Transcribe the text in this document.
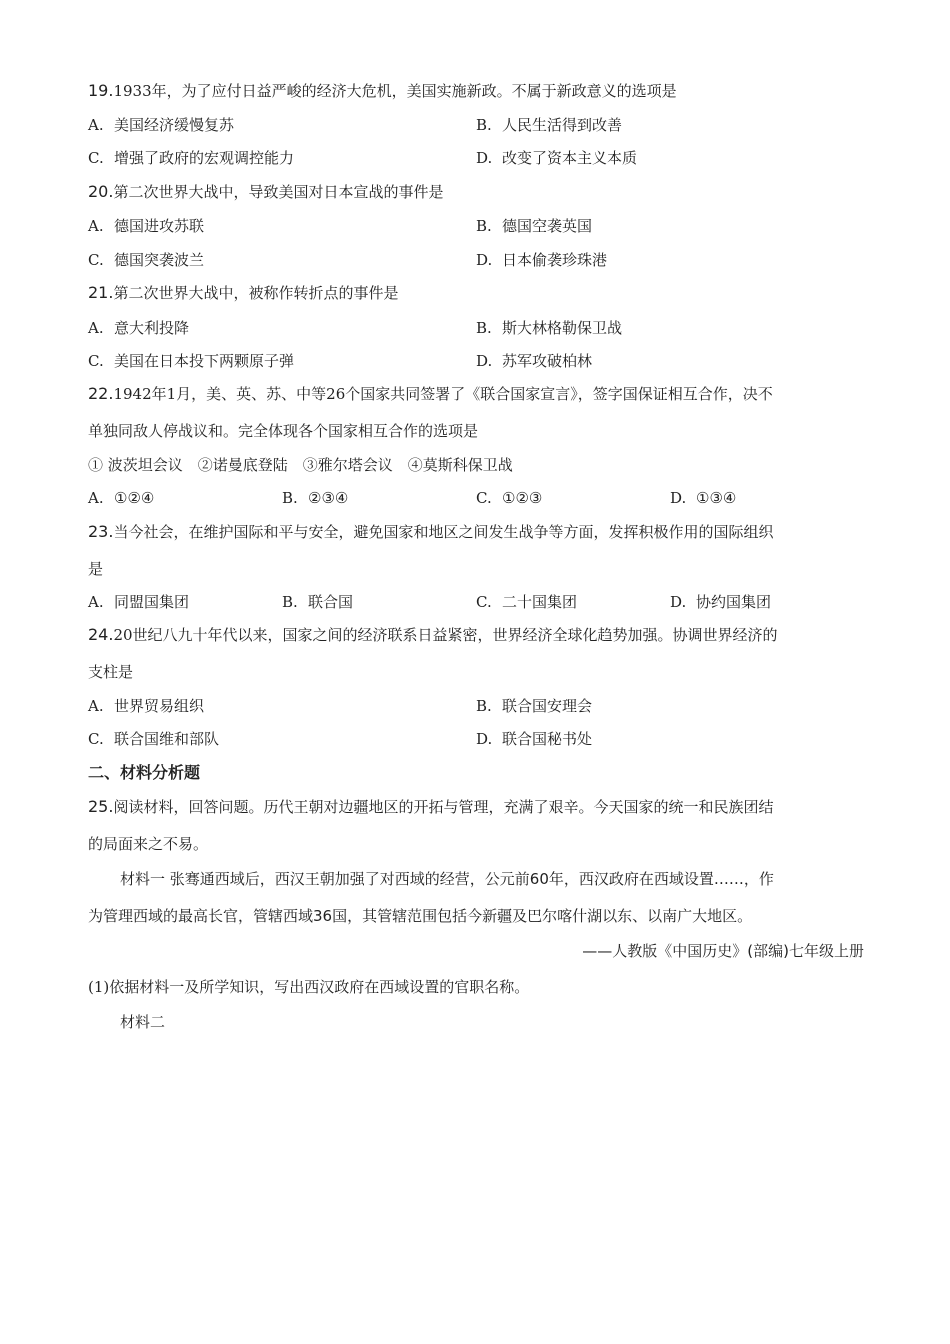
19.1933年，为了应付日益严峻的经济大危机，美国实施新政。不属于新政意义的选项是
A. 美国经济缓慢复苏	B. 人民生活得到改善
C. 增强了政府的宏观调控能力	D. 改变了资本主义本质
20.第二次世界大战中，导致美国对日本宣战的事件是
A. 德国进攻苏联	B. 德国空袭英国
C. 德国突袭波兰	D. 日本偷袭珍珠港
21.第二次世界大战中，被称作转折点的事件是
A. 意大利投降	B. 斯大林格勒保卫战
C. 美国在日本投下两颗原子弹	D. 苏军攻破柏林
22.1942年1月，美、英、苏、中等26个国家共同签署了《联合国家宣言》，签字国保证相互合作，决不
单独同敌人停战议和。完全体现各个国家相互合作的选项是
① 波茨坦会议　②诺曼底登陆　③雅尔塔会议　④莫斯科保卫战
A. ①②④	B. ②③④	C. ①②③	D. ①③④
23.当今社会，在维护国际和平与安全，避免国家和地区之间发生战争等方面，发挥积极作用的国际组织
是
A. 同盟国集团	B. 联合国	C. 二十国集团	D. 协约国集团
24.20世纪八九十年代以来，国家之间的经济联系日益紧密，世界经济全球化趋势加强。协调世界经济的
支柱是
A. 世界贸易组织	B. 联合国安理会
C. 联合国维和部队	D. 联合国秘书处
二、材料分析题
25.阅读材料，回答问题。历代王朝对边疆地区的开拓与管理，充满了艰辛。今天国家的统一和民族团结
的局面来之不易。
材料一 张骞通西域后，西汉王朝加强了对西域的经营，公元前60年，西汉政府在西域设置……，作
为管理西域的最高长官，管辖西域36国，其管辖范围包括今新疆及巴尔喀什湖以东、以南广大地区。
——人教版《中国历史》(部编)七年级上册
(1)依据材料一及所学知识，写出西汉政府在西域设置的官职名称。
材料二
